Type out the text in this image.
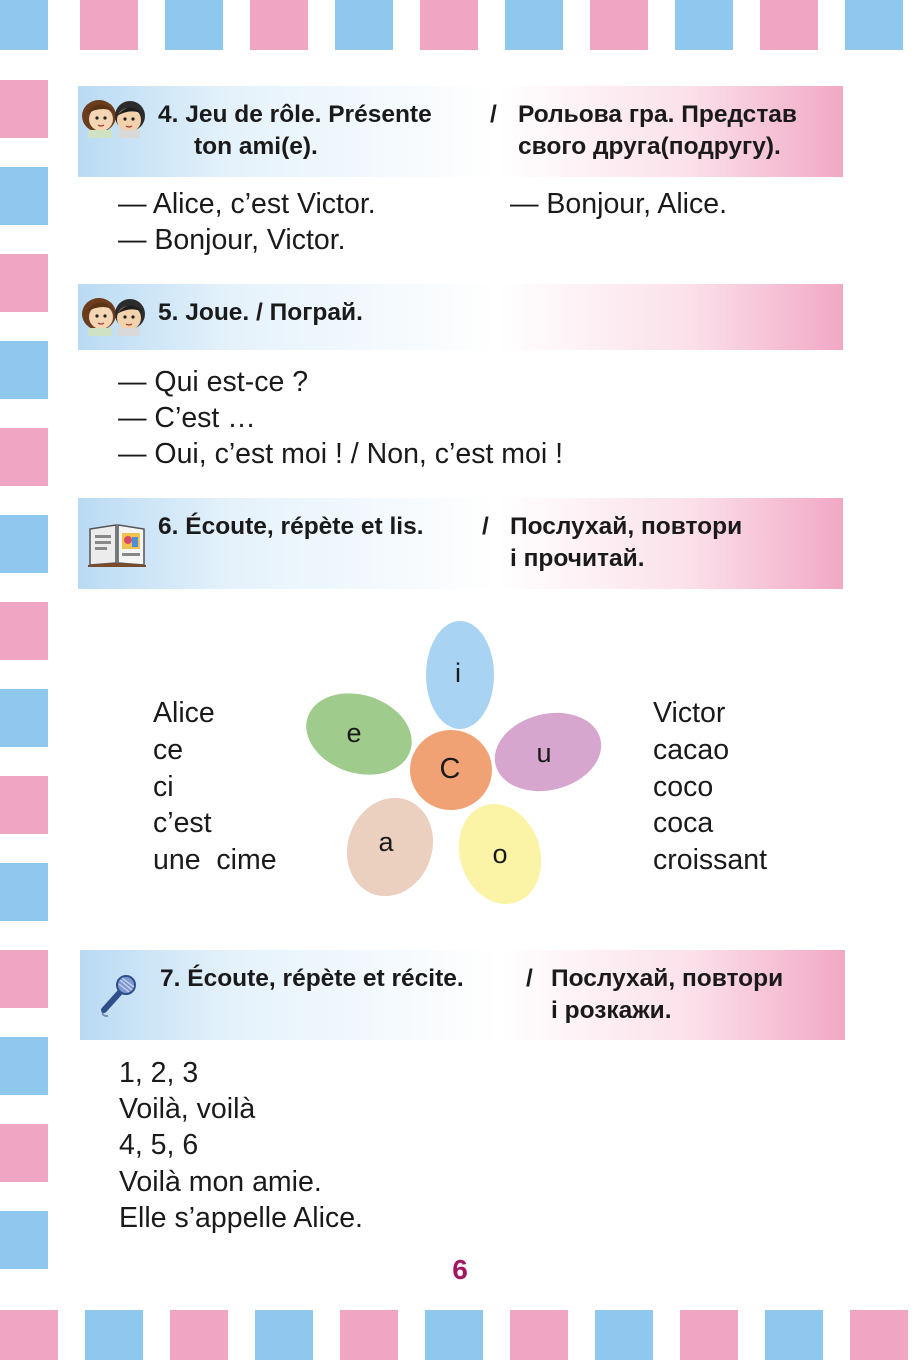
4. Jeu de rôle. Présente
ton ami(e).
/ Рольова гра. Представ
свого друга(подругу).
— Alice, c’est Victor.	— Bonjour, Alice.
— Bonjour, Victor.
5. Joue. / Пограй.
— Qui est-ce ?
— C’est …
— Oui, c’est moi ! / Non, c’est moi !
6. Écoute, répète et lis. / Послухай, повтори
і прочитай.
Alice
ce
ci
c’est
une  cime
Victor
cacao
coco
coca
croissant
i
e
u
a	o
C
7. Écoute, répète et récite.	/ Послухай, повтори
і розкажи.
1, 2, 3
Voilà, voilà
4, 5, 6
Voilà mon amie.
Elle s’appelle Alice.
6
